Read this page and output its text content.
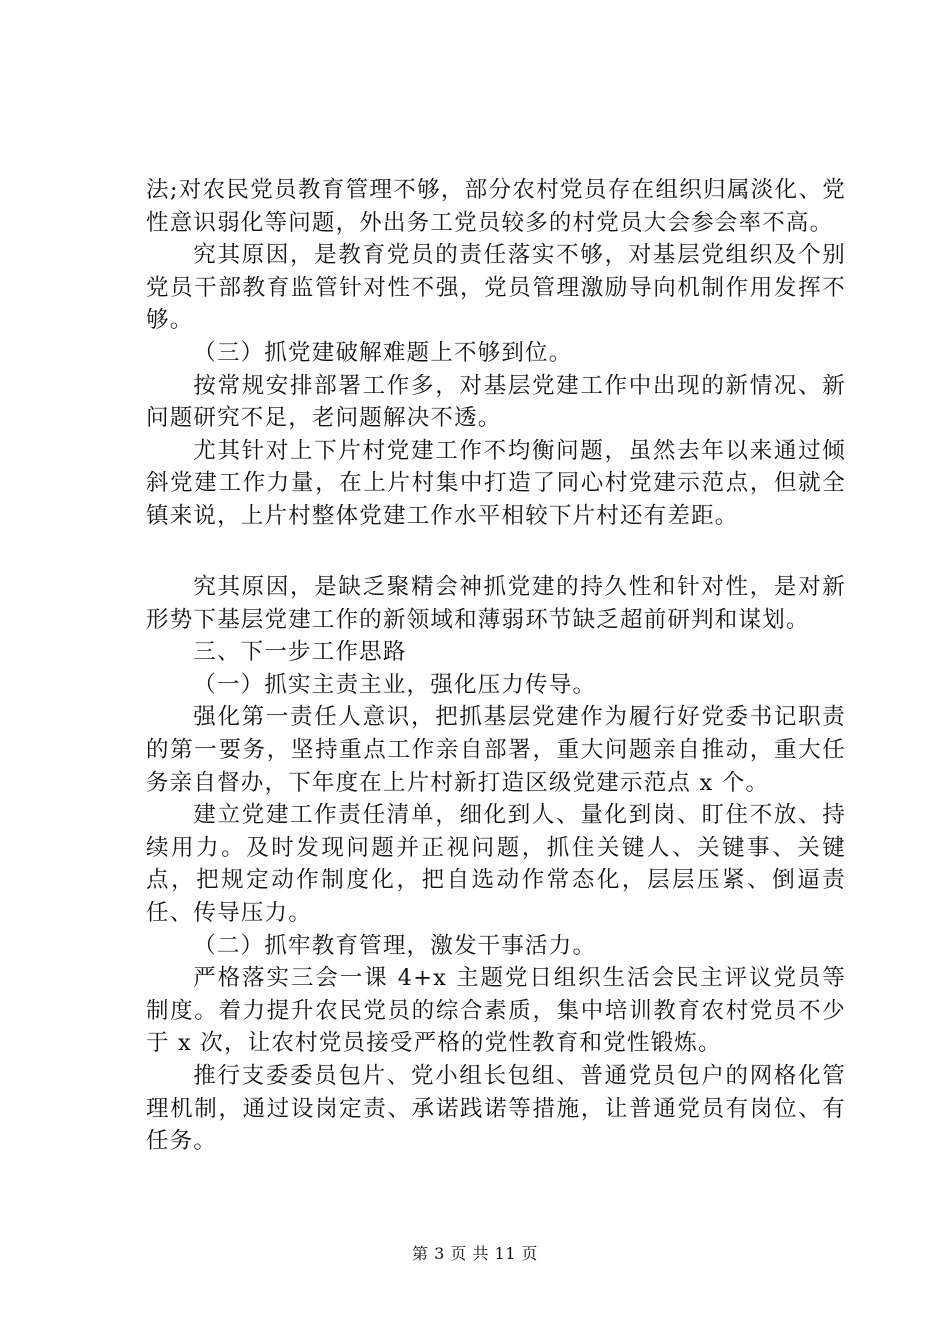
法;对农民党员教育管理不够，部分农村党员存在组织归属淡化、党性意识弱化等问题，外出务工党员较多的村党员大会参会率不高。

究其原因，是教育党员的责任落实不够，对基层党组织及个别党员干部教育监管针对性不强，党员管理激励导向机制作用发挥不够。

（三）抓党建破解难题上不够到位。

按常规安排部署工作多，对基层党建工作中出现的新情况、新问题研究不足，老问题解决不透。

尤其针对上下片村党建工作不均衡问题，虽然去年以来通过倾斜党建工作力量，在上片村集中打造了同心村党建示范点，但就全镇来说，上片村整体党建工作水平相较下片村还有差距。

究其原因，是缺乏聚精会神抓党建的持久性和针对性，是对新形势下基层党建工作的新领域和薄弱环节缺乏超前研判和谋划。

三、下一步工作思路

（一）抓实主责主业，强化压力传导。

强化第一责任人意识，把抓基层党建作为履行好党委书记职责的第一要务，坚持重点工作亲自部署，重大问题亲自推动，重大任务亲自督办，下年度在上片村新打造区级党建示范点 x 个。

建立党建工作责任清单，细化到人、量化到岗、盯住不放、持续用力。及时发现问题并正视问题，抓住关键人、关键事、关键点，把规定动作制度化，把自选动作常态化，层层压紧、倒逼责任、传导压力。

（二）抓牢教育管理，激发干事活力。

严格落实三会一课 4+x 主题党日组织生活会民主评议党员等制度。着力提升农民党员的综合素质，集中培训教育农村党员不少于 x 次，让农村党员接受严格的党性教育和党性锻炼。

推行支委委员包片、党小组长包组、普通党员包户的网格化管理机制，通过设岗定责、承诺践诺等措施，让普通党员有岗位、有任务。

第 3 页 共 11 页
